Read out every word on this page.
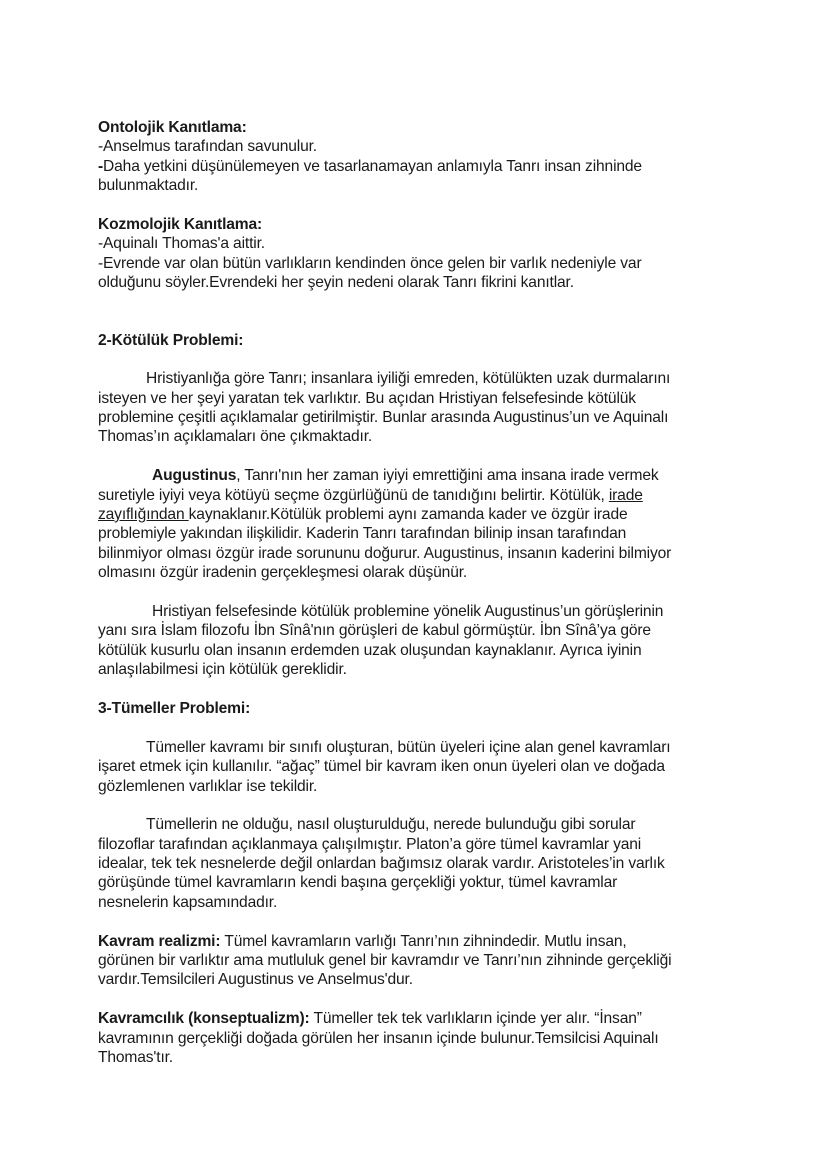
Ontolojik Kanıtlama:
-Anselmus tarafından savunulur.
-Daha yetkini düşünülemeyen ve tasarlanamayan anlamıyla Tanrı insan zihninde
bulunmaktadır.
Kozmolojik Kanıtlama:
-Aquinalı Thomas'a aittir.
-Evrende var olan bütün varlıkların kendinden önce gelen bir varlık nedeniyle var
olduğunu söyler.Evrendeki her şeyin nedeni olarak Tanrı fikrini kanıtlar.
2-Kötülük Problemi:
Hristiyanlığa göre Tanrı; insanlara iyiliği emreden, kötülükten uzak durmalarını
isteyen ve her şeyi yaratan tek varlıktır. Bu açıdan Hristiyan felsefesinde kötülük
problemine çeşitli açıklamalar getirilmiştir. Bunlar arasında Augustinus’un ve Aquinalı
Thomas’ın açıklamaları öne çıkmaktadır.
Augustinus, Tanrı'nın her zaman iyiyi emrettiğini ama insana irade vermek
suretiyle iyiyi veya kötüyü seçme özgürlüğünü de tanıdığını belirtir. Kötülük, irade
zayıflığından kaynaklanır.Kötülük problemi aynı zamanda kader ve özgür irade
problemiyle yakından ilişkilidir. Kaderin Tanrı tarafından bilinip insan tarafından
bilinmiyor olması özgür irade sorununu doğurur. Augustinus, insanın kaderini bilmiyor
olmasını özgür iradenin gerçekleşmesi olarak düşünür.
Hristiyan felsefesinde kötülük problemine yönelik Augustinus’un görüşlerinin
yanı sıra İslam filozofu İbn Sînâ'nın görüşleri de kabul görmüştür. İbn Sînâ’ya göre
kötülük kusurlu olan insanın erdemden uzak oluşundan kaynaklanır. Ayrıca iyinin
anlaşılabilmesi için kötülük gereklidir.
3-Tümeller Problemi:
Tümeller kavramı bir sınıfı oluşturan, bütün üyeleri içine alan genel kavramları
işaret etmek için kullanılır. “ağaç” tümel bir kavram iken onun üyeleri olan ve doğada
gözlemlenen varlıklar ise tekildir.
Tümellerin ne olduğu, nasıl oluşturulduğu, nerede bulunduğu gibi sorular
filozoflar tarafından açıklanmaya çalışılmıştır. Platon’a göre tümel kavramlar yani
idealar, tek tek nesnelerde değil onlardan bağımsız olarak vardır. Aristoteles’in varlık
görüşünde tümel kavramların kendi başına gerçekliği yoktur, tümel kavramlar
nesnelerin kapsamındadır.
Kavram realizmi: Tümel kavramların varlığı Tanrı’nın zihnindedir. Mutlu insan,
görünen bir varlıktır ama mutluluk genel bir kavramdır ve Tanrı’nın zihninde gerçekliği
vardır.Temsilcileri Augustinus ve Anselmus'dur.
Kavramcılık (konseptualizm): Tümeller tek tek varlıkların içinde yer alır. “İnsan”
kavramının gerçekliği doğada görülen her insanın içinde bulunur.Temsilcisi Aquinalı
Thomas'tır.
